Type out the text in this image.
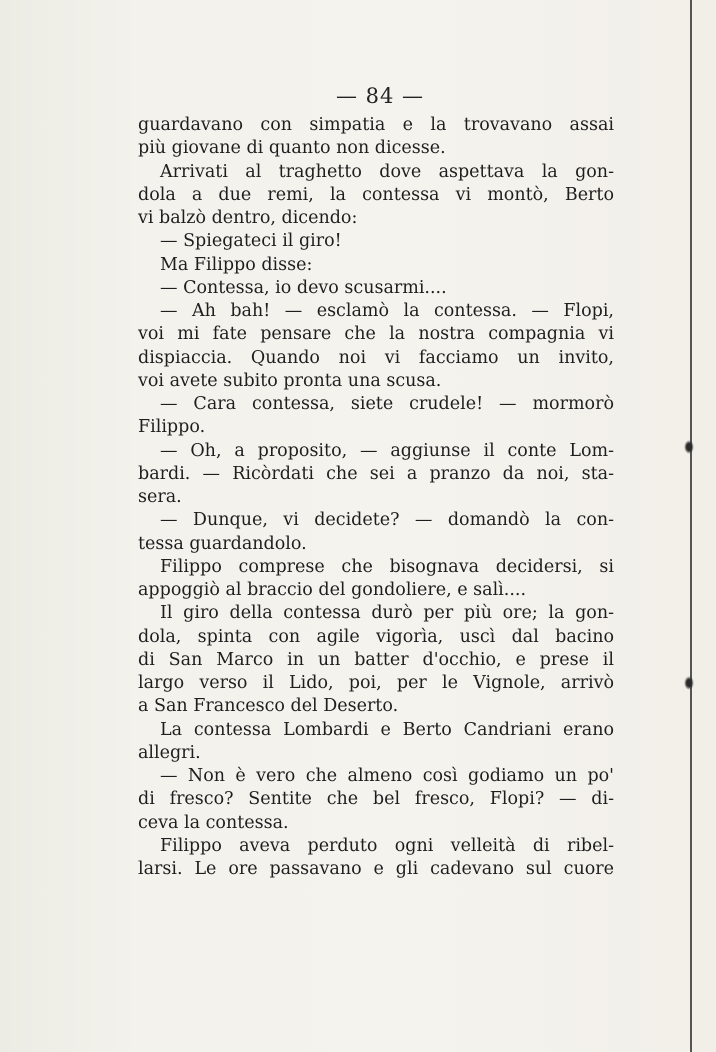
— 84 —
guardavano con simpatia e la trovavano assai
più giovane di quanto non dicesse.
Arrivati al traghetto dove aspettava la gon-
dola a due remi, la contessa vi montò, Berto
vi balzò dentro, dicendo:
— Spiegateci il giro!
Ma Filippo disse:
— Contessa, io devo scusarmi....
— Ah bah! — esclamò la contessa. — Flopi,
voi mi fate pensare che la nostra compagnia vi
dispiaccia. Quando noi vi facciamo un invito,
voi avete subito pronta una scusa.
— Cara contessa, siete crudele! — mormorò
Filippo.
— Oh, a proposito, — aggiunse il conte Lom-
bardi. — Ricòrdati che sei a pranzo da noi, sta-
sera.
— Dunque, vi decidete? — domandò la con-
tessa guardandolo.
Filippo comprese che bisognava decidersi, si
appoggiò al braccio del gondoliere, e salì....
Il giro della contessa durò per più ore; la gon-
dola, spinta con agile vigorìa, uscì dal bacino
di San Marco in un batter d'occhio, e prese il
largo verso il Lido, poi, per le Vignole, arrivò
a San Francesco del Deserto.
La contessa Lombardi e Berto Candriani erano
allegri.
— Non è vero che almeno così godiamo un po'
di fresco? Sentite che bel fresco, Flopi? — di-
ceva la contessa.
Filippo aveva perduto ogni velleità di ribel-
larsi. Le ore passavano e gli cadevano sul cuore
